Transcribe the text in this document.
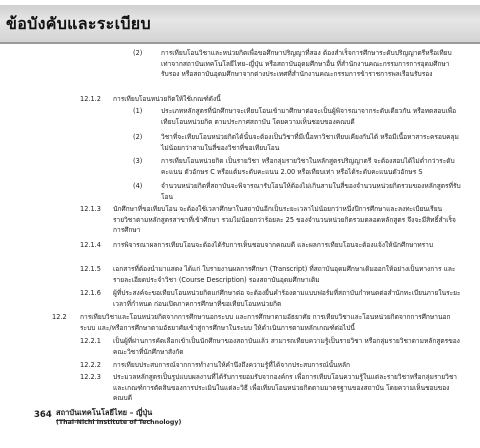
ข้อบังคับและระเบียบ
(2)	การเทียบโอนวิชาและหน่วยกิตเพื่อขอศึกษาปริญญาที่สอง ต้องสำเร็จการศึกษาระดับปริญญาตรีหรือเทียบเท่าจากสถาบันเทคโนโลยีไทย–ญี่ปุ่น หรือสถาบันอุดมศึกษาอื่น ที่สำนักงานคณะกรรมการการอุดมศึกษารับรอง หรือสถาบันอุดมศึกษาจากต่างประเทศที่สำนักงานคณะกรรมการข้าราชการพลเรือนรับรอง
12.1.2 การเทียบโอนหน่วยกิตให้ใช้เกณฑ์ดังนี้
(1)	ประเภทหลักสูตรที่นักศึกษาจะเทียบโอนเข้ามาศึกษาต่อจะเป็นผู้พิจารณาจากระดับเดียวกัน หรือทดสอบเพื่อเทียบโอนหน่วยกิต ตามประกาศสถาบัน โดยความเห็นชอบของคณบดี
(2)	วิชาที่จะเทียบโอนหน่วยกิตได้นั้นจะต้องเป็นวิชาที่มีเนื้อหาวิชาเทียบเคียงกันได้ หรือมีเนื้อหาสาระครอบคลุมไม่น้อยกว่าสามในสี่ของวิชาที่ขอเทียบโอน
(3)	การเทียบโอนหน่วยกิต เป็นรายวิชา หรือกลุ่มรายวิชาในหลักสูตรปริญญาตรี จะต้องสอบได้ไม่ต่ำกว่าระดับคะแนน ตัวอักษร C หรือแต้มระดับคะแนน 2.00 หรือเทียบเท่า หรือได้ระดับคะแนนตัวอักษร S
(4)	จำนวนหน่วยกิตที่สถาบันจะพิจารณารับโอนให้ต้องไม่เกินสามในสี่ของจำนวนหน่วยกิตรวมของหลักสูตรที่รับโอน
12.1.3 นักศึกษาที่ขอเทียบโอน จะต้องใช้เวลาศึกษาในสถาบันอีกเป็นระยะเวลาไม่น้อยกว่าหนึ่งปีการศึกษาและลงทะเบียนเรียนรายวิชาตามหลักสูตรสาขาที่เข้าศึกษา รวมไม่น้อยกว่าร้อยละ 25 ของจำนวนหน่วยกิตรวมตลอดหลักสูตร จึงจะมีสิทธิ์สำเร็จการศึกษา
12.1.4 การพิจารณาผลการเทียบโอนจะต้องได้รับการเห็นชอบจากคณบดี และผลการเทียบโอนจะต้องแจ้งให้นักศึกษาทราบ
12.1.5 เอกสารที่ต้องนำมาแสดง ได้แก่ ใบรายงานผลการศึกษา (Transcript) ที่สถาบันอุดมศึกษาเดิมออกให้อย่างเป็นทางการ และรายละเอียดประจำวิชา (Course Description) รองสถาบันอุดมศึกษาเดิม
12.1.6 ผู้ที่ประสงค์จะขอเทียบโอนหน่วยกิตแก่ศึกษาต่อ จะต้องยื่นคำร้องตามแบบฟอร์มที่สถาบันกำหนดต่อสำนักทะเบียนภายในระยะเวลาที่กำหนด ก่อนเปิดภาคการศึกษาที่ขอเทียบโอนหน่วยกิต
12.2 การเทียบวิชาและโอนหน่วยกิตจากการศึกษานอกระบบ และการศึกษาตามอัธยาศัย การเทียบวิชาและโอนหน่วยกิตจากการศึกษานอกระบบ และ/หรือการศึกษาตามอัธยาศัยเข้าสู่การศึกษาในระบบ ให้ดำเนินการตามหลักเกณฑ์ต่อไปนี้
12.2.1 เป็นผู้ที่ผ่านการคัดเลือกเข้าเป็นนักศึกษาของสถาบันแล้ว สามารถเทียบความรู้เป็นรายวิชา หรือกลุ่มรายวิชาตามหลักสูตรของคณะวิชาที่นักศึกษาสังกัด
12.2.2 การเทียบประสบการณ์จากการทำงานให้คำนึงถึงความรู้ที่ได้จากประสบการณ์นั้นหลัก
12.2.3 ประมวลหลักสูตรเป็นรูปแบบผลงานที่ได้รับการยอมรับจากองค์กร เพื่อการเทียบโอนความรู้ในแต่ละรายวิชาหรือกลุ่มรายวิชาและเกณฑ์การตัดสินของการประเมินในแต่ละวิธี เพื่อเทียบโอนหน่วยกิตตามมาตรฐานของสถาบัน โดยความเห็นชอบของคณบดี
364 สถาบันเทคโนโลยีไทย – ญี่ปุ่น
(Thai-Nichi Institute of Technology)
